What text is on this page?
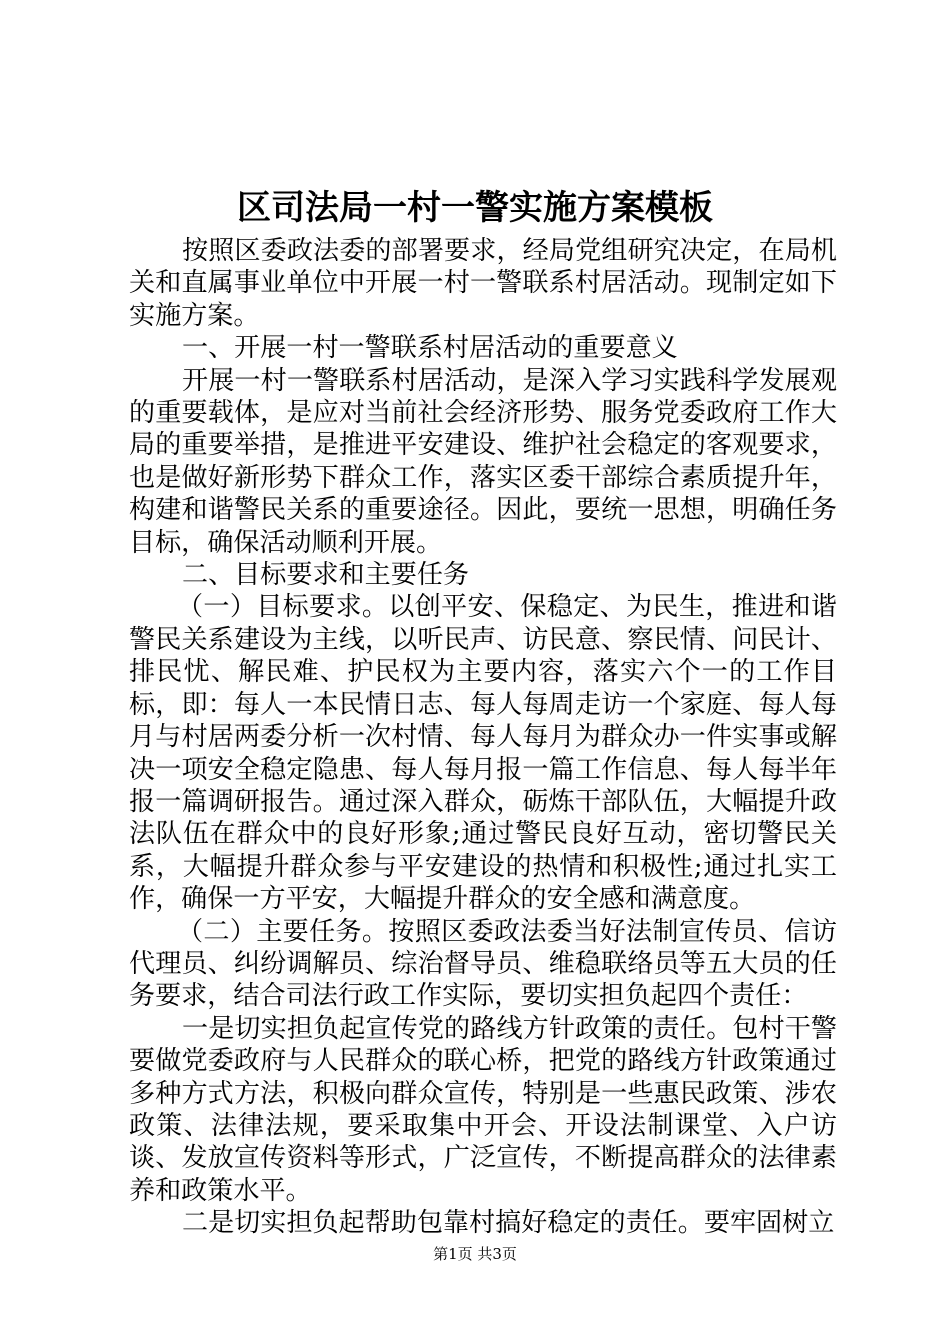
区司法局一村一警实施方案模板

按照区委政法委的部署要求，经局党组研究决定，在局机关和直属事业单位中开展一村一警联系村居活动。现制定如下实施方案。

一、开展一村一警联系村居活动的重要意义

开展一村一警联系村居活动，是深入学习实践科学发展观的重要载体，是应对当前社会经济形势、服务党委政府工作大局的重要举措，是推进平安建设、维护社会稳定的客观要求，也是做好新形势下群众工作，落实区委干部综合素质提升年，构建和谐警民关系的重要途径。因此，要统一思想，明确任务目标，确保活动顺利开展。

二、目标要求和主要任务

（一）目标要求。以创平安、保稳定、为民生，推进和谐警民关系建设为主线，以听民声、访民意、察民情、问民计、排民忧、解民难、护民权为主要内容，落实六个一的工作目标，即：每人一本民情日志、每人每周走访一个家庭、每人每月与村居两委分析一次村情、每人每月为群众办一件实事或解决一项安全稳定隐患、每人每月报一篇工作信息、每人每半年报一篇调研报告。通过深入群众，砺炼干部队伍，大幅提升政法队伍在群众中的良好形象;通过警民良好互动，密切警民关系，大幅提升群众参与平安建设的热情和积极性;通过扎实工作，确保一方平安，大幅提升群众的安全感和满意度。

（二）主要任务。按照区委政法委当好法制宣传员、信访代理员、纠纷调解员、综治督导员、维稳联络员等五大员的任务要求，结合司法行政工作实际，要切实担负起四个责任：

一是切实担负起宣传党的路线方针政策的责任。包村干警要做党委政府与人民群众的联心桥，把党的路线方针政策通过多种方式方法，积极向群众宣传，特别是一些惠民政策、涉农政策、法律法规，要采取集中开会、开设法制课堂、入户访谈、发放宣传资料等形式，广泛宣传，不断提高群众的法律素养和政策水平。

二是切实担负起帮助包靠村搞好稳定的责任。要牢固树立

第1页 共3页
